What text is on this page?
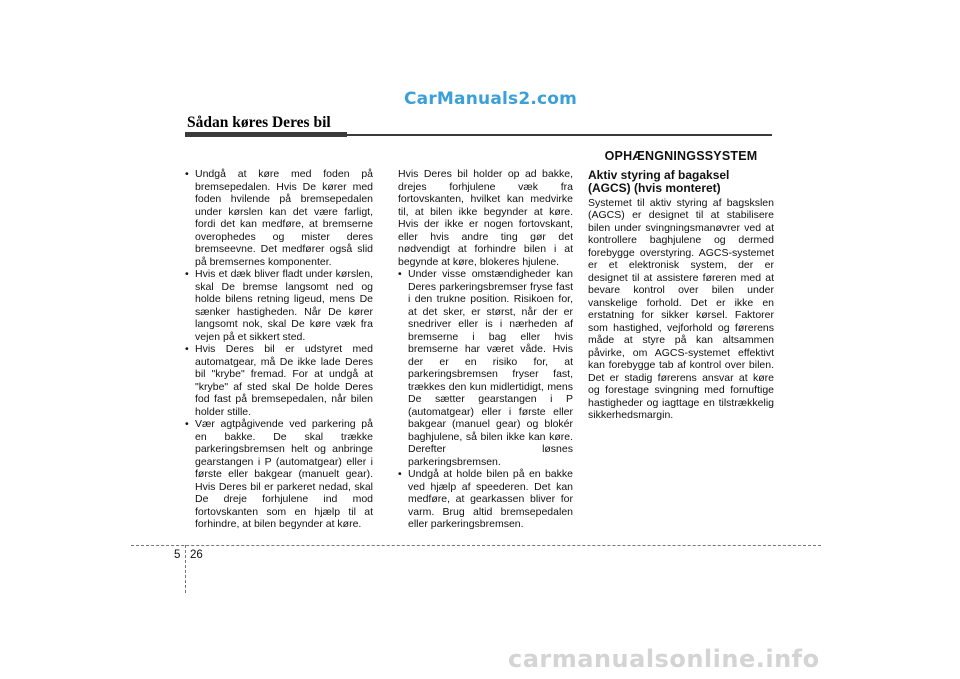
CarManuals2.com
Sådan køres Deres bil

• Undgå at køre med foden på bremsepedalen. Hvis De kører med foden hvilende på bremsepedalen under kørslen kan det være farligt, fordi det kan medføre, at bremserne overophedes og mister deres bremseevne. Det medfører også slid på bremsernes komponenter.

• Hvis et dæk bliver fladt under kørslen, skal De bremse langsomt ned og holde bilens retning ligeud, mens De sænker hastigheden. Når De kører langsomt nok, skal De køre væk fra vejen på et sikkert sted.

• Hvis Deres bil er udstyret med automatgear, må De ikke lade Deres bil "krybe" fremad. For at undgå at "krybe" af sted skal De holde Deres fod fast på bremsepedalen, når bilen holder stille.

• Vær agtpågivende ved parkering på en bakke. De skal trække parkeringsbremsen helt og anbringe gearstangen i P (automatgear) eller i første eller bakgear (manuelt gear). Hvis Deres bil er parkeret nedad, skal De dreje forhjulene ind mod fortovskanten som en hjælp til at forhindre, at bilen begynder at køre.

Hvis Deres bil holder op ad bakke, drejes forhjulene væk fra fortovskanten, hvilket kan medvirke til, at bilen ikke begynder at køre. Hvis der ikke er nogen fortovskant, eller hvis andre ting gør det nødvendigt at forhindre bilen i at begynde at køre, blokeres hjulene.

• Under visse omstændigheder kan Deres parkeringsbremser fryse fast i den trukne position. Risikoen for, at det sker, er størst, når der er snedriver eller is i nærheden af bremserne i bag eller hvis bremserne har været våde. Hvis der er en risiko for, at parkeringsbremsen fryser fast, trækkes den kun midlertidigt, mens De sætter gearstangen i P (automatgear) eller i første eller bakgear (manuel gear) og blokér baghjulene, så bilen ikke kan køre. Derefter løsnes parkeringsbremsen.

• Undgå at holde bilen på en bakke ved hjælp af speederen. Det kan medføre, at gearkassen bliver for varm. Brug altid bremsepedalen eller parkeringsbremsen.

OPHÆNGNINGSSYSTEM
Aktiv styring af bagaksel (AGCS) (hvis monteret)

Systemet til aktiv styring af bagskslen (AGCS) er designet til at stabilisere bilen under svingningsmanøvrer ved at kontrollere baghjulene og dermed forebygge overstyring. AGCS-systemet er et elektronisk system, der er designet til at assistere føreren med at bevare kontrol over bilen under vanskelige forhold. Det er ikke en erstatning for sikker kørsel. Faktorer som hastighed, vejforhold og førerens måde at styre på kan altsammen påvirke, om AGCS-systemet effektivt kan forebygge tab af kontrol over bilen. Det er stadig førerens ansvar at køre og forestage svingning med fornuftige hastigheder og iagttage en tilstrækkelig sikkerhedsmargin.

5 26
carmanualsonline.info
